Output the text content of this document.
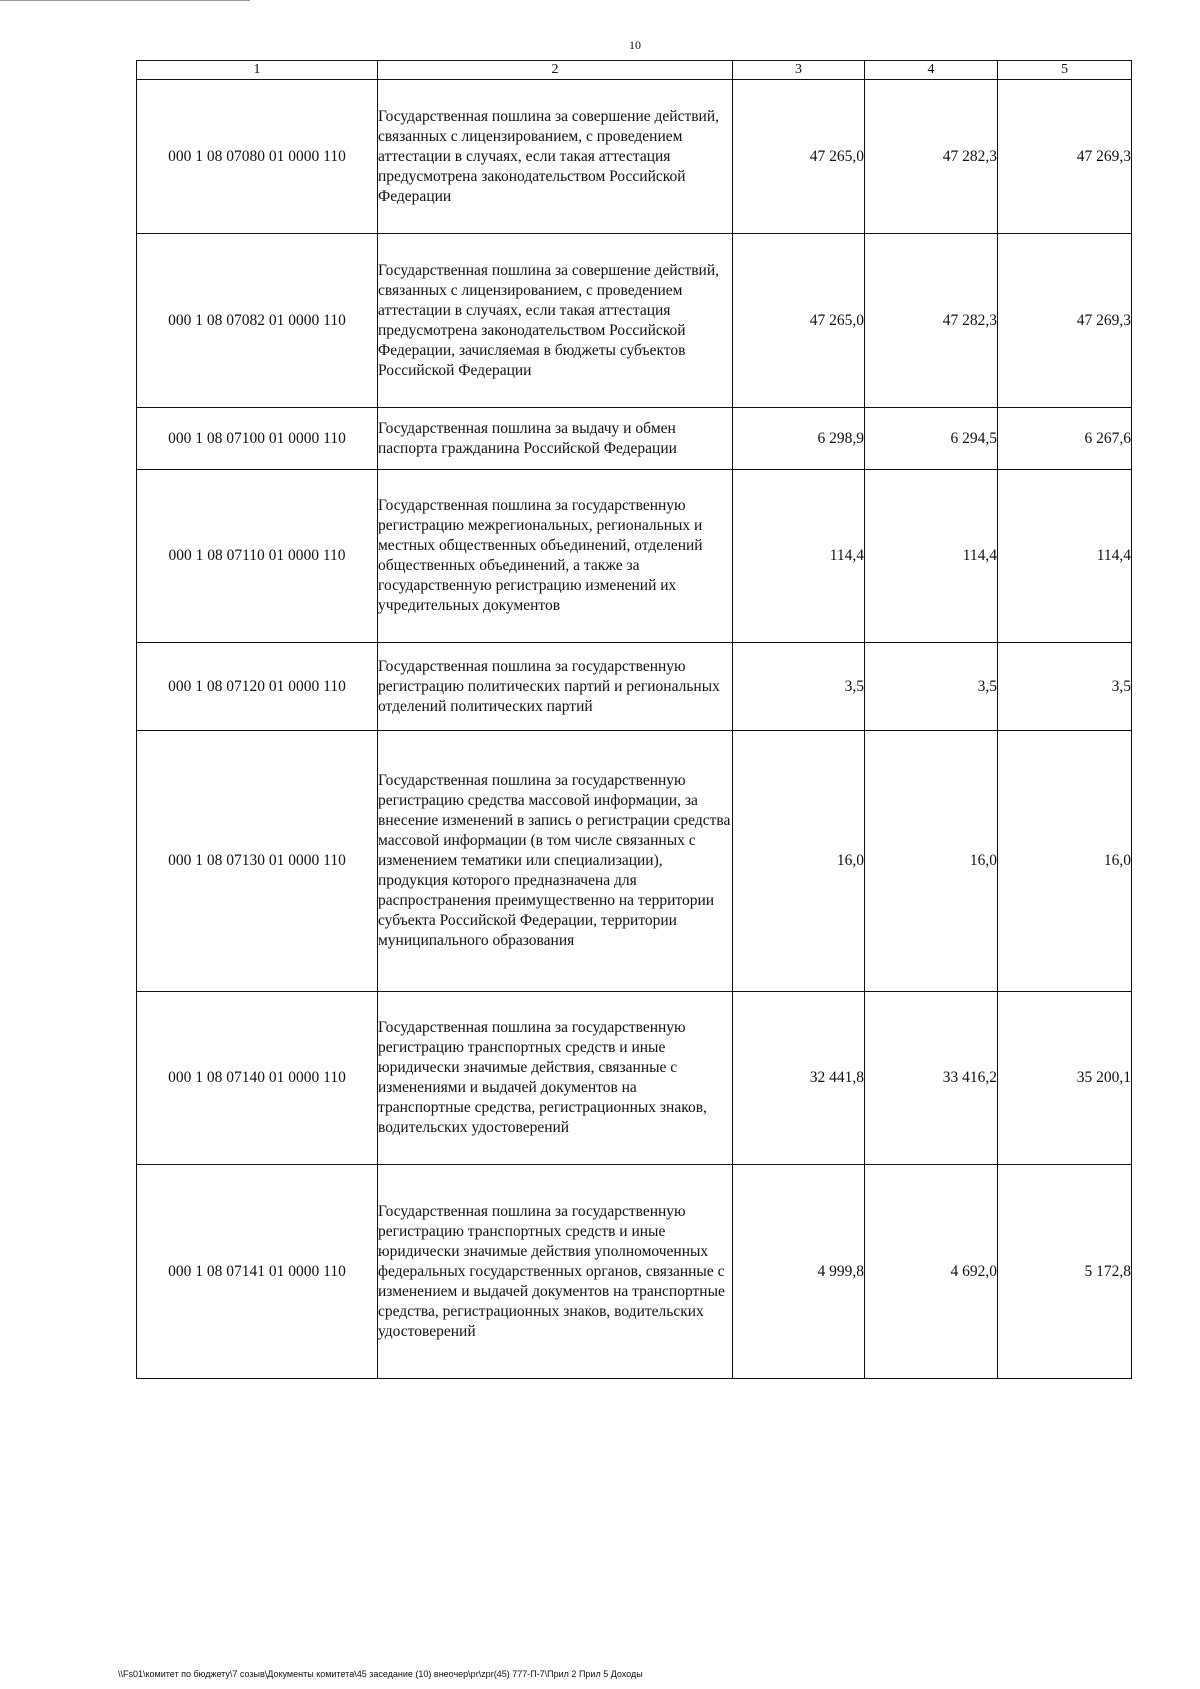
10
1	2	3	4	5
000 1 08 07080 01 0000 110	Государственная пошлина за совершение действий, связанных с лицензированием, с проведением аттестации в случаях, если такая аттестация предусмотрена законодательством Российской Федерации	47 265,0	47 282,3	47 269,3
000 1 08 07082 01 0000 110	Государственная пошлина за совершение действий, связанных с лицензированием, с проведением аттестации в случаях, если такая аттестация предусмотрена законодательством Российской Федерации, зачисляемая в бюджеты субъектов Российской Федерации	47 265,0	47 282,3	47 269,3
000 1 08 07100 01 0000 110	Государственная пошлина за выдачу и обмен паспорта гражданина Российской Федерации	6 298,9	6 294,5	6 267,6
000 1 08 07110 01 0000 110	Государственная пошлина за государственную регистрацию межрегиональных, региональных и местных общественных объединений, отделений общественных объединений, а также за государственную регистрацию изменений их учредительных документов	114,4	114,4	114,4
000 1 08 07120 01 0000 110	Государственная пошлина за государственную регистрацию политических партий и региональных отделений политических партий	3,5	3,5	3,5
000 1 08 07130 01 0000 110	Государственная пошлина за государственную регистрацию средства массовой информации, за внесение изменений в запись о регистрации средства массовой информации (в том числе связанных с изменением тематики или специализации), продукция которого предназначена для распространения преимущественно на территории субъекта Российской Федерации, территории муниципального образования	16,0	16,0	16,0
000 1 08 07140 01 0000 110	Государственная пошлина за государственную регистрацию транспортных средств и иные юридически значимые действия, связанные с изменениями и выдачей документов на транспортные средства, регистрационных знаков, водительских удостоверений	32 441,8	33 416,2	35 200,1
000 1 08 07141 01 0000 110	Государственная пошлина за государственную регистрацию транспортных средств и иные юридически значимые действия уполномоченных федеральных государственных органов, связанные с изменением и выдачей документов на транспортные средства, регистрационных знаков, водительских удостоверений	4 999,8	4 692,0	5 172,8
\\Fs01\комитет по бюджету\7 созыв\Документы комитета\45 заседание (10) внеочер\pr\zpr(45) 777-П-7\Прил 2 Прил 5 Доходы
